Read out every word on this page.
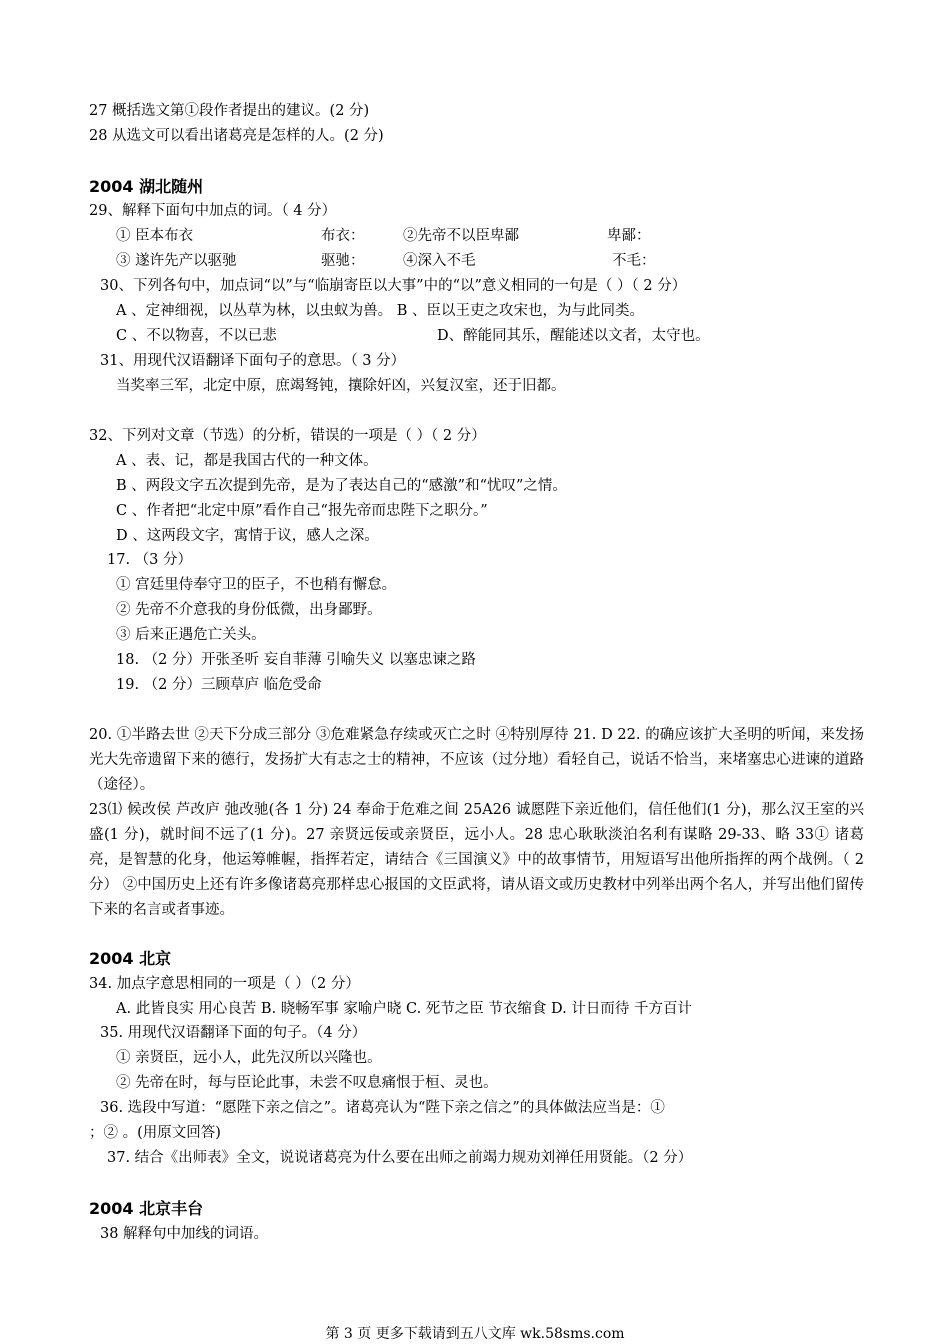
27 概括选文第①段作者提出的建议。(2 分)
28 从选文可以看出诸葛亮是怎样的人。(2 分)
2004 湖北随州
29、解释下面句中加点的词。（ 4 分）
① 臣本布衣	布衣：	②先帝不以臣卑鄙	卑鄙：
③ 遂许先产以驱驰	驱驰：	④深入不毛	不毛：
30、下列各句中，加点词“以”与“临崩寄臣以大事”中的“以”意义相同的一句是（ ）（ 2 分）
A 、定神细视，以丛草为林，以虫蚁为兽。 B 、臣以王吏之攻宋也，为与此同类。
C 、不以物喜，不以已悲	D、醉能同其乐，醒能述以文者，太守也。
31、用现代汉语翻译下面句子的意思。（ 3 分）
当奖率三军，北定中原，庶竭驽钝，攘除奸凶，兴复汉室，还于旧都。
32、下列对文章（节选）的分析，错误的一项是（ ）（ 2 分）
A 、表、记，都是我国古代的一种文体。
B 、两段文字五次提到先帝，是为了表达自己的“感激”和“忧叹”之情。
C 、作者把“北定中原”看作自己“报先帝而忠陛下之职分。”
D 、这两段文字，寓情于议，感人之深。
17. （3 分）
① 宫廷里侍奉守卫的臣子，不也稍有懈怠。
② 先帝不介意我的身份低微，出身鄙野。
③ 后来正遇危亡关头。
18. （2 分）开张圣听 妄自菲薄 引喻失义 以塞忠谏之路
19. （2 分）三顾草庐 临危受命
20. ①半路去世 ②天下分成三部分 ③危难紧急存续或灭亡之时 ④特别厚待 21. D 22. 的确应该扩大圣明的听闻，来发扬光大先帝遗留下来的德行，发扬扩大有志之士的精神，不应该（过分地）看轻自己，说话不恰当，来堵塞忠心进谏的道路（途径）。
23⑴ 候改侯 芦改庐 弛改驰(各 1 分) 24 奉命于危难之间 25A26 诚愿陛下亲近他们，信任他们(1 分)，那么汉王室的兴盛(1 分)，就时间不远了(1 分)。27 亲贤远佞或亲贤臣，远小人。28 忠心耿耿淡泊名利有谋略 29-33、略 33① 诸葛亮，是智慧的化身，他运筹帷幄，指挥若定，请结合《三国演义》中的故事情节，用短语写出他所指挥的两个战例。（ 2 分） ②中国历史上还有许多像诸葛亮那样忠心报国的文臣武将，请从语文或历史教材中列举出两个名人，并写出他们留传下来的名言或者事迹。
2004 北京
34. 加点字意思相同的一项是（ ）（2 分）
A. 此皆良实 用心良苦 B. 晓畅军事 家喻户晓 C. 死节之臣 节衣缩食 D. 计日而待 千方百计
35. 用现代汉语翻译下面的句子。（4 分）
① 亲贤臣，远小人，此先汉所以兴隆也。
② 先帝在时，每与臣论此事，未尝不叹息痛恨于桓、灵也。
36. 选段中写道：“愿陛下亲之信之”。诸葛亮认为“陛下亲之信之”的具体做法应当是：①
；② 。(用原文回答)
37. 结合《出师表》全文，说说诸葛亮为什么要在出师之前竭力规劝刘禅任用贤能。（2 分）
2004 北京丰台
38 解释句中加线的词语。
第 3 页 更多下载请到五八文库 wk.58sms.com
